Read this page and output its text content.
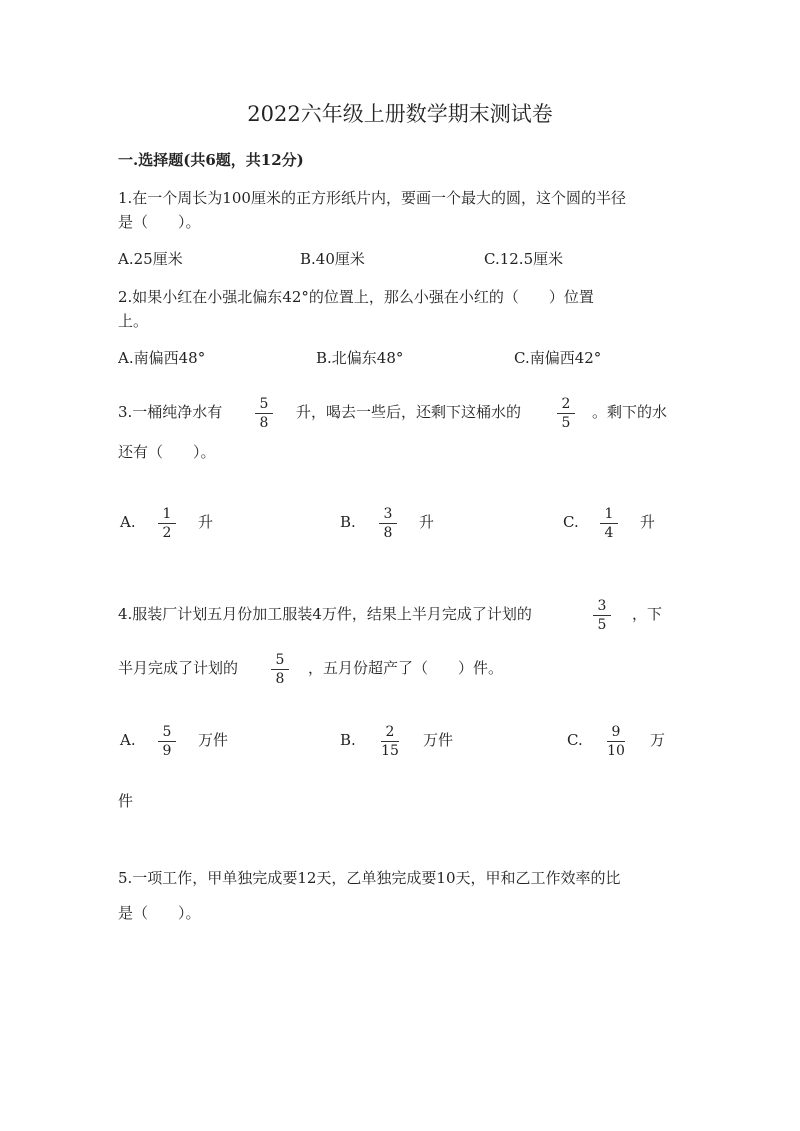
2022六年级上册数学期末测试卷
一.选择题(共6题，共12分)
1.在一个周长为100厘米的正方形纸片内，要画一个最大的圆，这个圆的半径
是（　　）。
A.25厘米	B.40厘米	C.12.5厘米
2.如果小红在小强北偏东42°的位置上，那么小强在小红的（　　）位置
上。
A.南偏西48°	B.北偏东48°	C.南偏西42°
3.一桶纯净水有	5
8
升，喝去一些后，还剩下这桶水的	2
5
。剩下的水
还有（　　）。
A.	1
2
升	B.	3
8
升	C.	1
4
升
4.服装厂计划五月份加工服装4万件，结果上半月完成了计划的	3
5
，下
半月完成了计划的	5
8
，五月份超产了（　　）件。
A.	5
9
万件	B.	2
15
万件	C.	9
10
万
件
5.一项工作，甲单独完成要12天，乙单独完成要10天，甲和乙工作效率的比
是（　　）。
